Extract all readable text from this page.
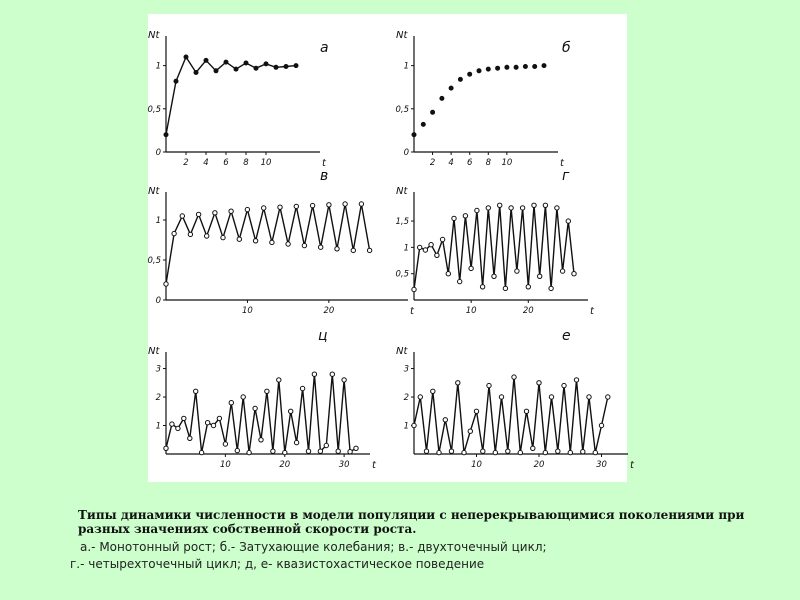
Nt
t
а
0
0,5
1
2 4 6 8 10
Nt
t
б
0
0,5
1
2 4 6 8 10
Nt
t
в
0
0,5
1
10	20
Nt
t
г
0,5
1
1,5
10	20
Nt
t
ц
1
2
3
10	20	30
Nt
t
е
1
2
3
10	20	30
Типы динамики численности в модели популяции с неперекрывающимися поколениями при разных значениях собственной скорости роста.
а.- Монотонный рост; б.- Затухающие колебания; в.- двухточечный цикл;
г.- четырехточечный цикл; д, е- квазистохастическое поведение
